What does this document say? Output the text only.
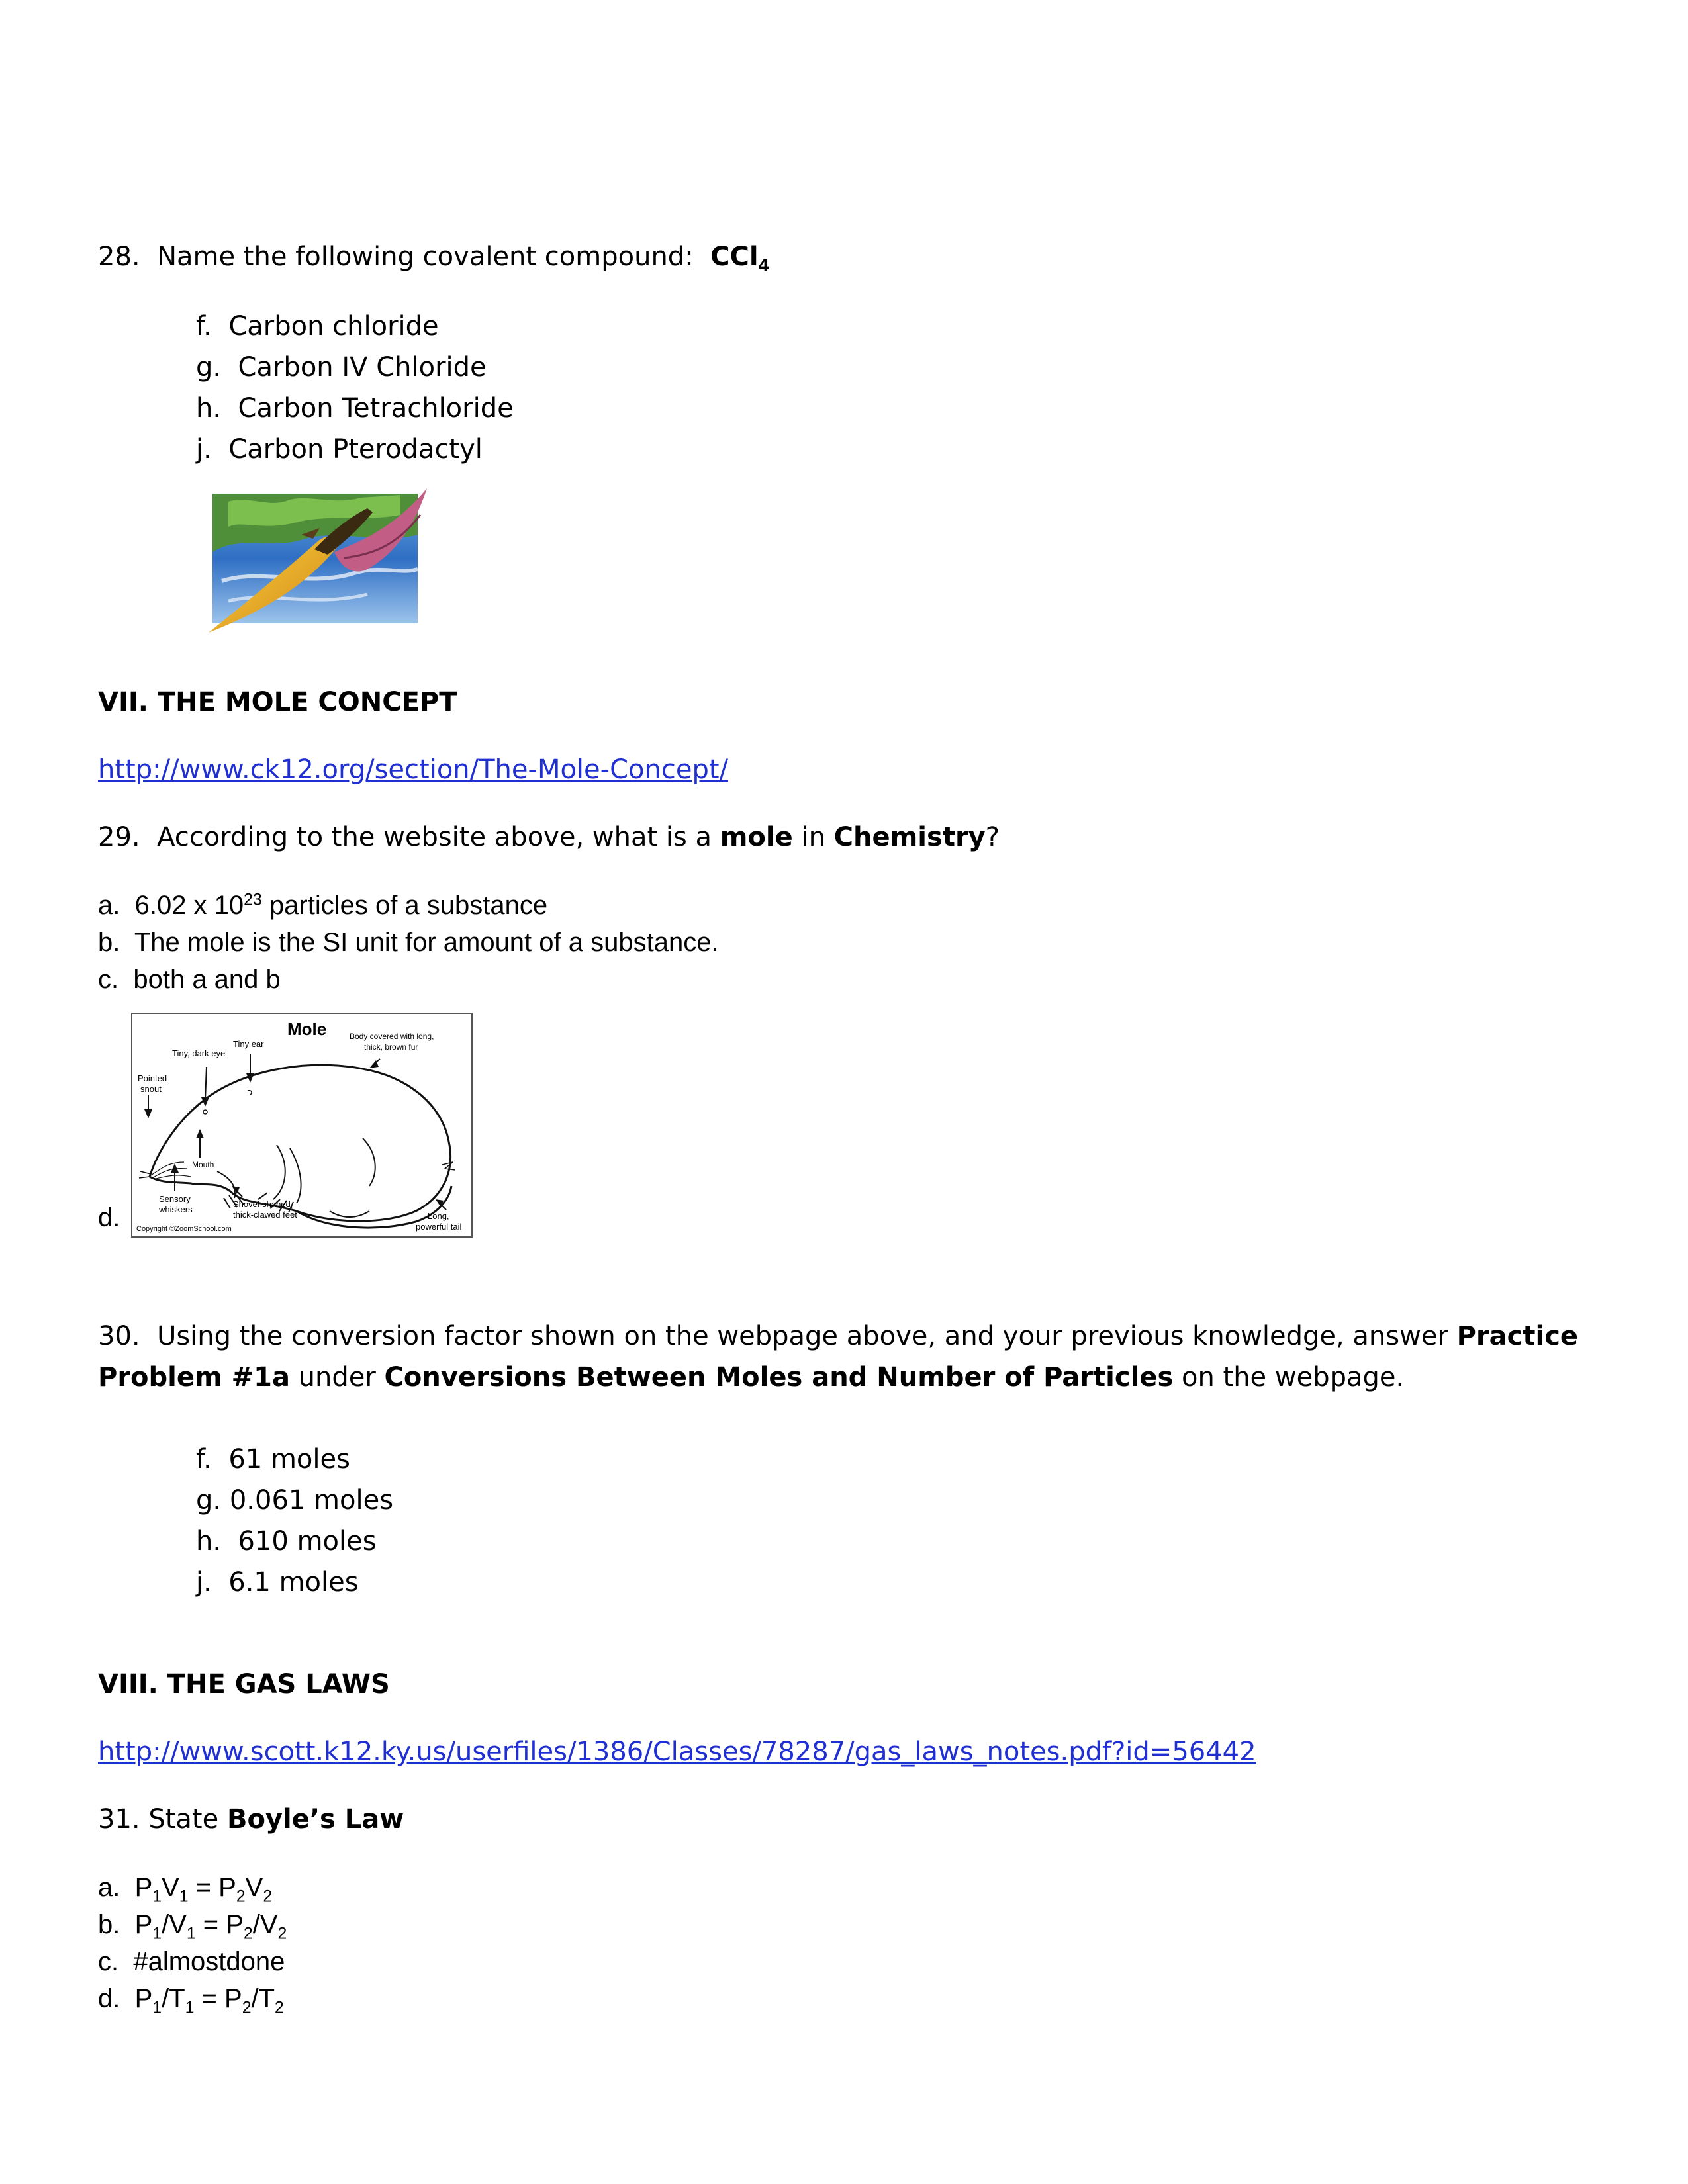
28. Name the following covalent compound: CCl$_4$
f. Carbon chloride
g. Carbon IV Chloride
h. Carbon Tetrachloride
j. Carbon Pterodactyl
VII. THE MOLE CONCEPT
http://www.ck12.org/section/The-Mole-Concept/
29. According to the website above, what is a mole in Chemistry?
a. 6.02 x $10^{23}$ particles of a substance
b. The mole is the SI unit for amount of a substance.
c. both a and b
d.
Mole
Tiny, dark eye
Tiny ear
Body covered with long,
thick, brown fur
Pointed
snout
Mouth
Sensory
whiskers
Shovel-shaped,
thick-clawed feet	Long,
powerful tail
Copyright ©ZoomSchool.com
30. Using the conversion factor shown on the webpage above, and your previous knowledge, answer Practice Problem #1a under Conversions Between Moles and Number of Particles on the webpage.
f. 61 moles
g. 0.061 moles
h. 610 moles
j. 6.1 moles
VIII. THE GAS LAWS
http://www.scott.k12.ky.us/userfiles/1386/Classes/78287/gas_laws_notes.pdf?id=56442
31. State Boyle’s Law
a. $P_1V_1 = P_2V_2$
b. $P_1/V_1 = P_2/V_2$
c. #almostdone
d. $P_1/T_1 = P_2/T_2$
